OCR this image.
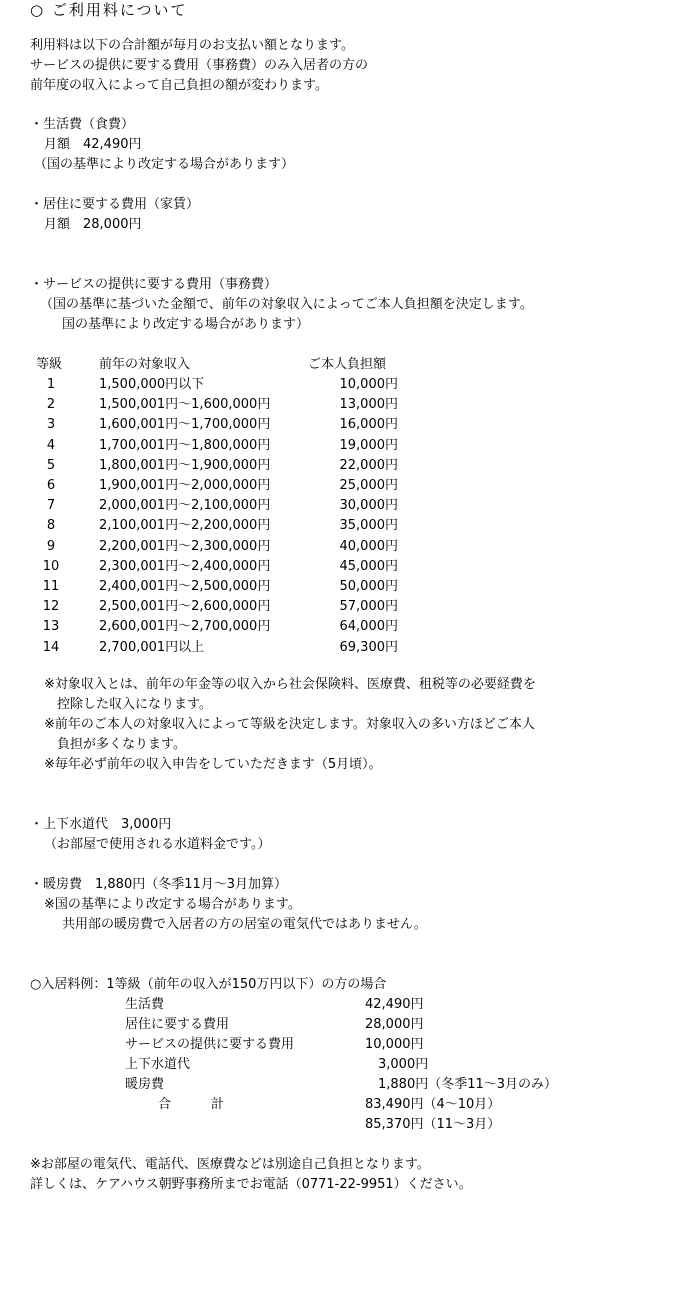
○ ご利用料について
利用料は以下の合計額が毎月のお支払い額となります。
サービスの提供に要する費用（事務費）のみ入居者の方の
前年度の収入によって自己負担の額が変わります。
・生活費（食費）
月額　42,490円
（国の基準により改定する場合があります）
・居住に要する費用（家賃）
月額　28,000円
・サービスの提供に要する費用（事務費）
（国の基準に基づいた金額で、前年の対象収入によってご本人負担額を決定します。
国の基準により改定する場合があります）
等級	前年の対象収入	ご本人負担額
1	1,500,000円以下	10,000円
2	1,500,001円～1,600,000円	13,000円
3	1,600,001円～1,700,000円	16,000円
4	1,700,001円～1,800,000円	19,000円
5	1,800,001円～1,900,000円	22,000円
6	1,900,001円～2,000,000円	25,000円
7	2,000,001円～2,100,000円	30,000円
8	2,100,001円～2,200,000円	35,000円
9	2,200,001円～2,300,000円	40,000円
10	2,300,001円～2,400,000円	45,000円
11	2,400,001円～2,500,000円	50,000円
12	2,500,001円～2,600,000円	57,000円
13	2,600,001円～2,700,000円	64,000円
14	2,700,001円以上	69,300円
※対象収入とは、前年の年金等の収入から社会保険料、医療費、租税等の必要経費を
　控除した収入になります。
※前年のご本人の対象収入によって等級を決定します。対象収入の多い方ほどご本人
　負担が多くなります。
※毎年必ず前年の収入申告をしていただきます（5月頃）。
・上下水道代　3,000円
（お部屋で使用される水道料金です。）
・暖房費　1,880円（冬季11月～3月加算）
※国の基準により改定する場合があります。
共用部の暖房費で入居者の方の居室の電気代ではありません。
○入居料例：1等級（前年の収入が150万円以下）の方の場合
生活費	42,490円
居住に要する費用	28,000円
サービスの提供に要する費用	10,000円
上下水道代	　3,000円
暖房費	　1,880円（冬季11～3月のみ）
合計	83,490円（4～10月）
85,370円（11～3月）
※お部屋の電気代、電話代、医療費などは別途自己負担となります。
詳しくは、ケアハウス朝野事務所までお電話（0771-22-9951）ください。
